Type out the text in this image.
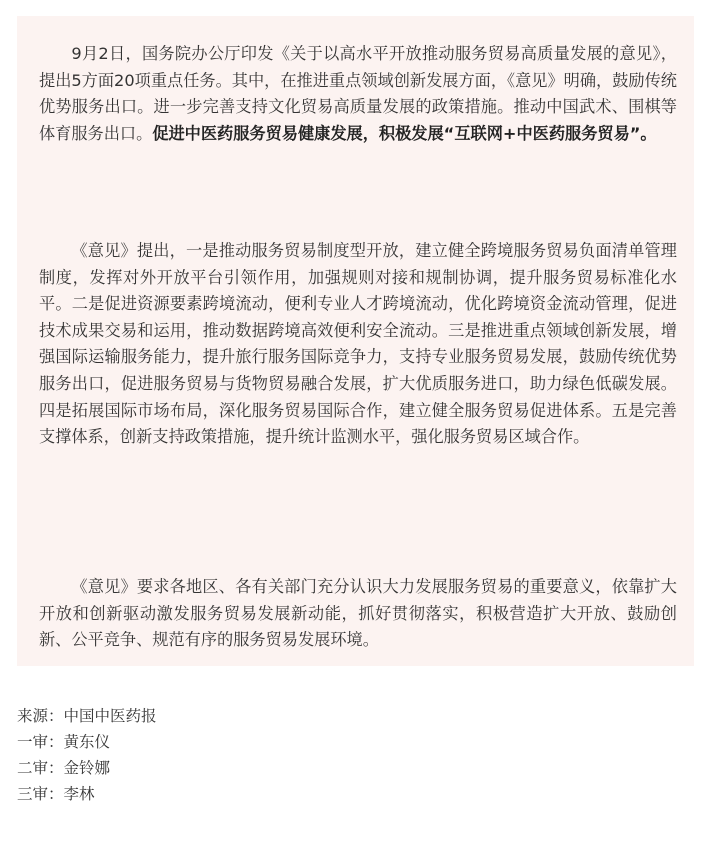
9月2日，国务院办公厅印发《关于以高水平开放推动服务贸易高质量发展的意见》，提出5方面20项重点任务。其中，在推进重点领域创新发展方面，《意见》明确，鼓励传统优势服务出口。进一步完善支持文化贸易高质量发展的政策措施。推动中国武术、围棋等体育服务出口。促进中医药服务贸易健康发展，积极发展“互联网+中医药服务贸易”。

《意见》提出，一是推动服务贸易制度型开放，建立健全跨境服务贸易负面清单管理制度，发挥对外开放平台引领作用，加强规则对接和规制协调，提升服务贸易标准化水平。二是促进资源要素跨境流动，便利专业人才跨境流动，优化跨境资金流动管理，促进技术成果交易和运用，推动数据跨境高效便利安全流动。三是推进重点领域创新发展，增强国际运输服务能力，提升旅行服务国际竞争力，支持专业服务贸易发展，鼓励传统优势服务出口，促进服务贸易与货物贸易融合发展，扩大优质服务进口，助力绿色低碳发展。四是拓展国际市场布局，深化服务贸易国际合作，建立健全服务贸易促进体系。五是完善支撑体系，创新支持政策措施，提升统计监测水平，强化服务贸易区域合作。

《意见》要求各地区、各有关部门充分认识大力发展服务贸易的重要意义，依靠扩大开放和创新驱动激发服务贸易发展新动能，抓好贯彻落实，积极营造扩大开放、鼓励创新、公平竞争、规范有序的服务贸易发展环境。

来源：中国中医药报
一审：黄东仪
二审：金铃娜
三审：李林
